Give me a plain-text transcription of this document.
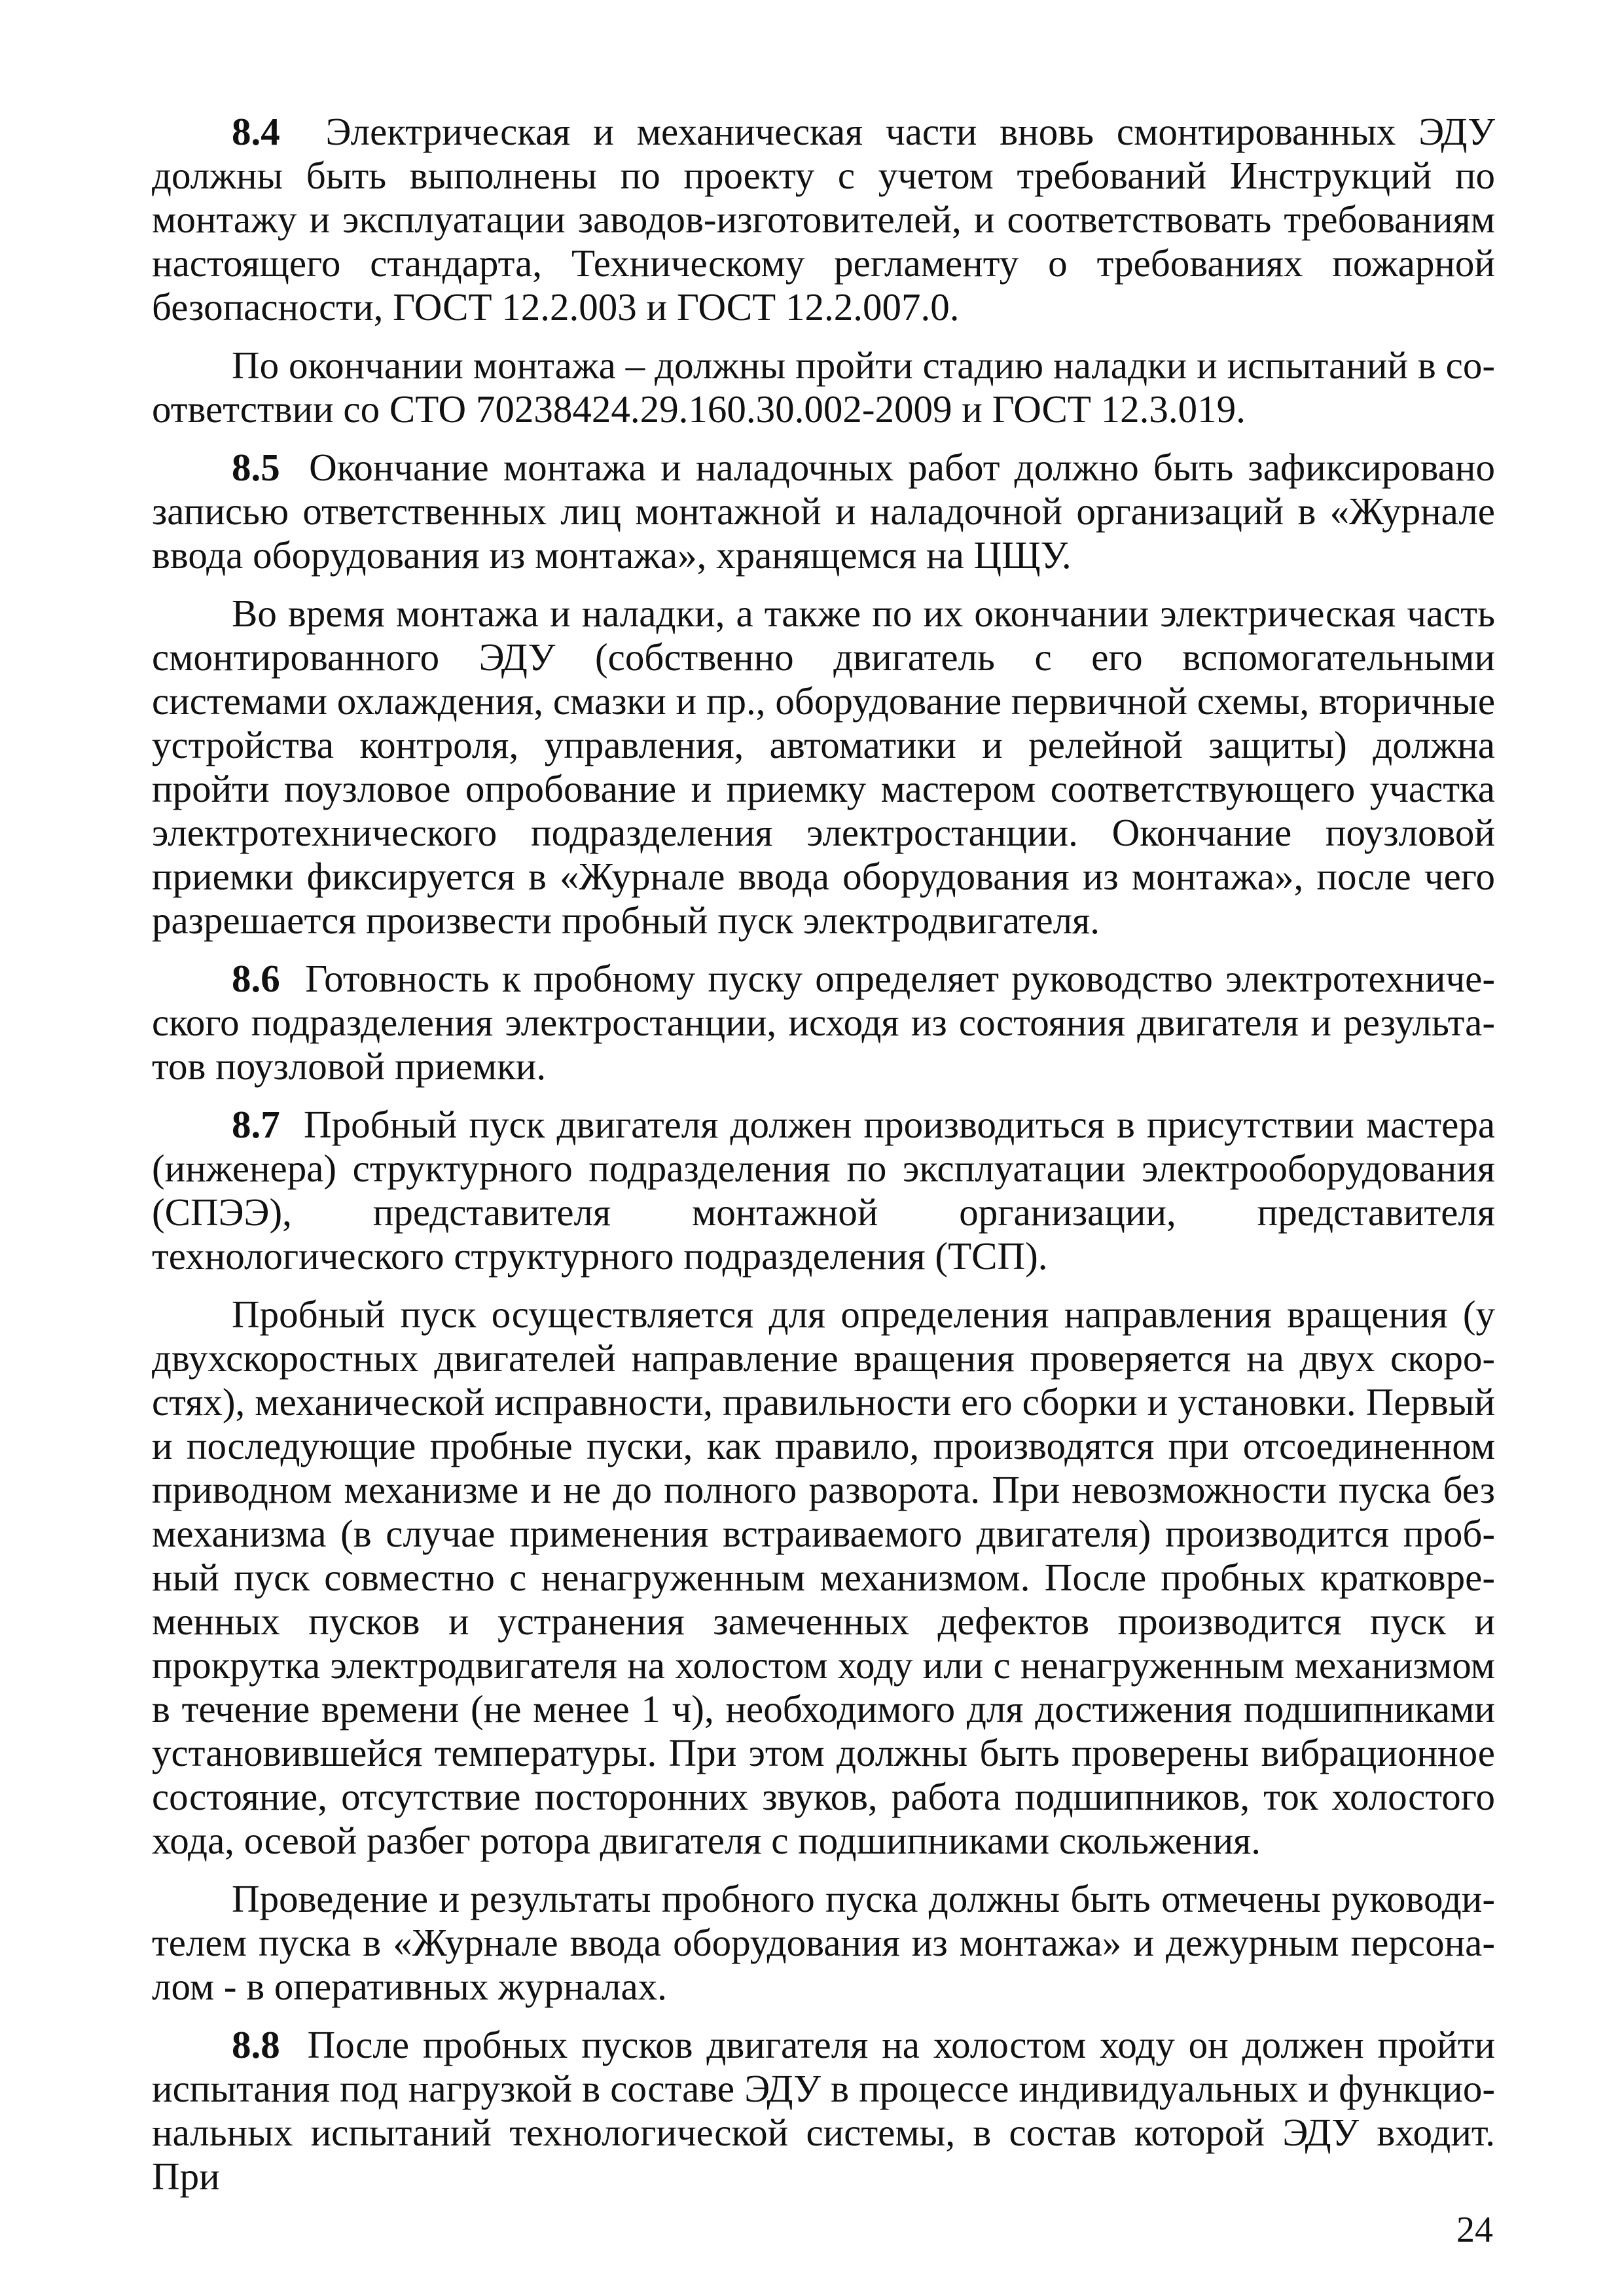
8.4 Электрическая и механическая части вновь смонтированных ЭДУ должны быть выполнены по проекту с учетом требований Инструкций по монтажу и эксплуатации заводов-изготовителей, и соответствовать требованиям настоящего стандарта, Техническому регламенту о требованиях пожарной безопасности, ГОСТ 12.2.003 и ГОСТ 12.2.007.0.

По окончании монтажа – должны пройти стадию наладки и испытаний в соответствии со СТО 70238424.29.160.30.002-2009 и ГОСТ 12.3.019.

8.5 Окончание монтажа и наладочных работ должно быть зафиксировано записью ответственных лиц монтажной и наладочной организаций в «Журнале ввода оборудования из монтажа», хранящемся на ЦЩУ.

Во время монтажа и наладки, а также по их окончании электрическая часть смонтированного ЭДУ (собственно двигатель с его вспомогательными системами охлаждения, смазки и пр., оборудование первичной схемы, вторичные устройства контроля, управления, автоматики и релейной защиты) должна пройти поузловое опробование и приемку мастером соответствующего участка электротехнического подразделения электростанции. Окончание поузловой приемки фиксируется в «Журнале ввода оборудования из монтажа», после чего разрешается произвести пробный пуск электродвигателя.

8.6 Готовность к пробному пуску определяет руководство электротехнического подразделения электростанции, исходя из состояния двигателя и результатов поузловой приемки.

8.7 Пробный пуск двигателя должен производиться в присутствии мастера (инженера) структурного подразделения по эксплуатации электрооборудования (СПЭЭ), представителя монтажной организации, представителя технологического структурного подразделения (ТСП).

Пробный пуск осуществляется для определения направления вращения (у двухскоростных двигателей направление вращения проверяется на двух скоростях), механической исправности, правильности его сборки и установки. Первый и последующие пробные пуски, как правило, производятся при отсоединенном приводном механизме и не до полного разворота. При невозможности пуска без механизма (в случае применения встраиваемого двигателя) производится пробный пуск совместно с ненагруженным механизмом. После пробных кратковременных пусков и устранения замеченных дефектов производится пуск и прокрутка электродвигателя на холостом ходу или с ненагруженным механизмом в течение времени (не менее 1 ч), необходимого для достижения подшипниками установившейся температуры. При этом должны быть проверены вибрационное состояние, отсутствие посторонних звуков, работа подшипников, ток холостого хода, осевой разбег ротора двигателя с подшипниками скольжения.

Проведение и результаты пробного пуска должны быть отмечены руководителем пуска в «Журнале ввода оборудования из монтажа» и дежурным персоналом - в оперативных журналах.

8.8 После пробных пусков двигателя на холостом ходу он должен пройти испытания под нагрузкой в составе ЭДУ в процессе индивидуальных и функциональных испытаний технологической системы, в состав которой ЭДУ входит. При

24
